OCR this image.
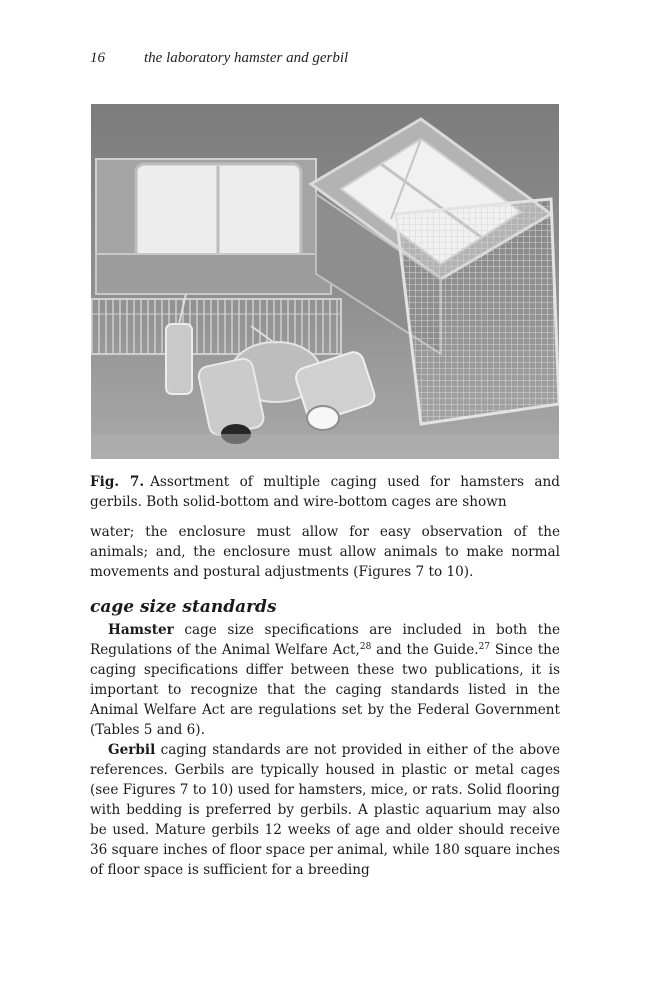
16	the laboratory hamster and gerbil
Fig. 7. Assortment of multiple caging used for hamsters and gerbils. Both solid-bottom and wire-bottom cages are shown
water; the enclosure must allow for easy observation of the animals; and, the enclosure must allow animals to make normal movements and postural adjustments (Figures 7 to 10).
cage size standards

Hamster cage size specifications are included in both the Regulations of the Animal Welfare Act,$^{28}$ and the Guide.$^{27}$ Since the caging specifications differ between these two publications, it is important to recognize that the caging standards listed in the Animal Welfare Act are regulations set by the Federal Government (Tables 5 and 6).

Gerbil caging standards are not provided in either of the above references. Gerbils are typically housed in plastic or metal cages (see Figures 7 to 10) used for hamsters, mice, or rats. Solid flooring with bedding is preferred by gerbils. A plastic aquarium may also be used. Mature gerbils 12 weeks of age and older should receive 36 square inches of floor space per animal, while 180 square inches of floor space is sufficient for a breeding
